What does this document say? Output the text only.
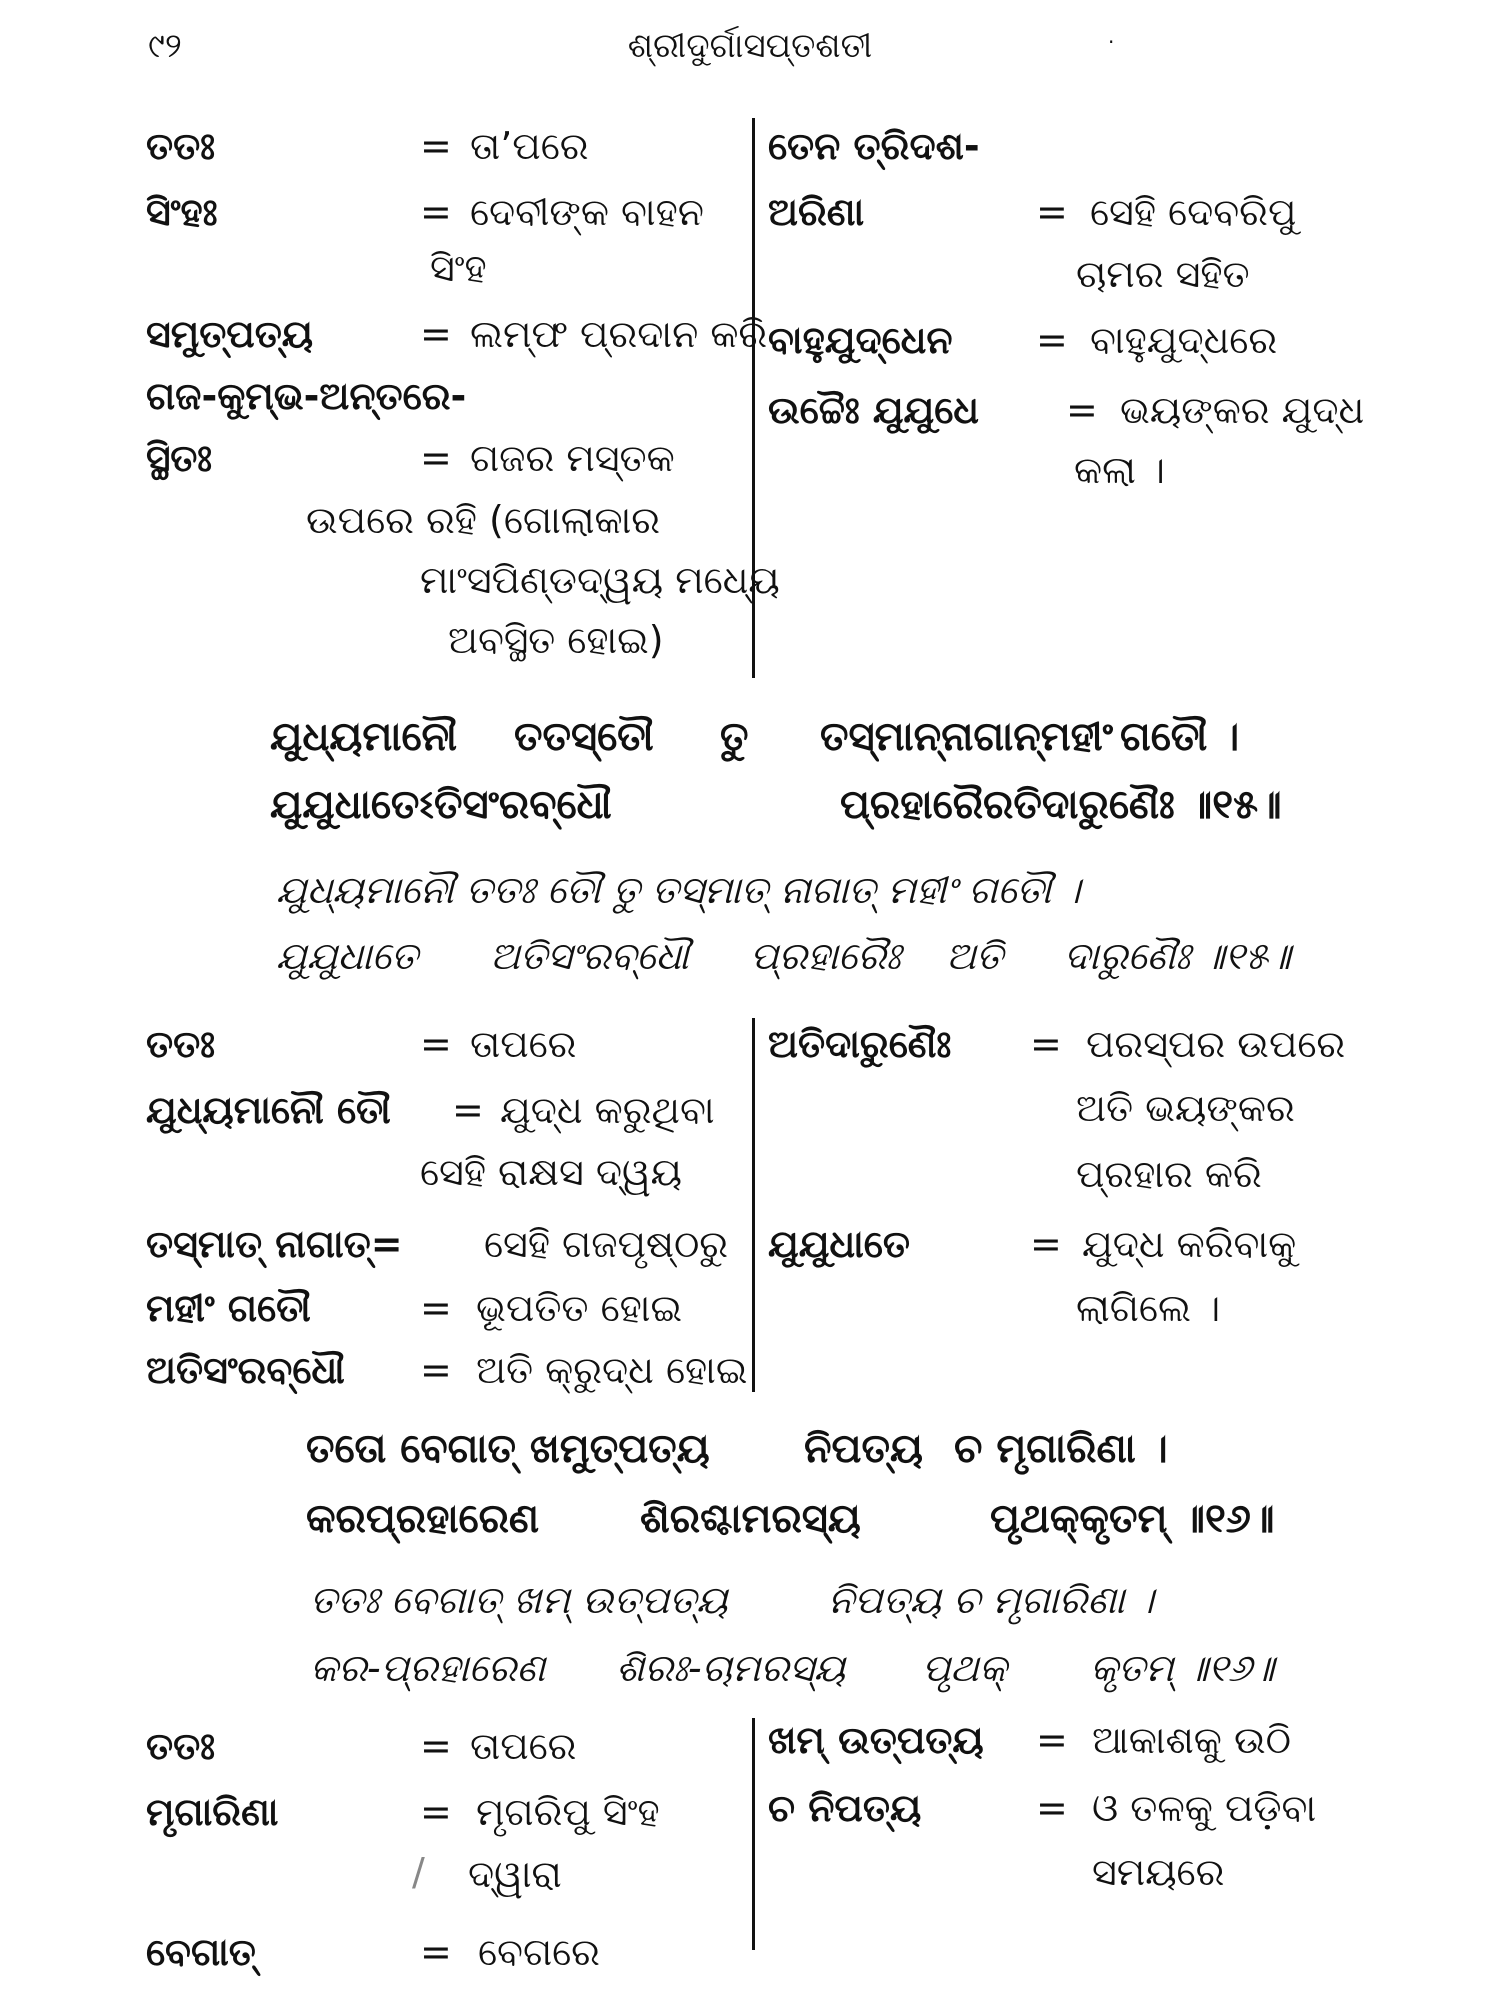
୯୨	ଶ୍ରୀଦୁର୍ଗାସପ୍ତଶତୀ	·
ତତଃ	= ତା’ପରେ
ସିଂହଃ	= ଦେବୀଙ୍କ ବାହନ
ସିଂହ
ସମୁତ୍ପତ୍ୟ	= ଲମ୍ଫ ପ୍ରଦାନ କରି
ଗଜ-କୁମ୍ଭ-ଅନ୍ତରେ-
ସ୍ଥିତଃ	= ଗଜର ମସ୍ତକ
ଉପରେ ରହି (ଗୋଲାକାର
ମାଂସପିଣ୍ଡଦ୍ୱୟ ମଧ୍ୟେ
ଅବସ୍ଥିତ ହୋଇ)
ତେନ ତ୍ରିଦଶ-
ଅରିଣା	= ସେହି ଦେବରିପୁ
ଚାମର ସହିତ
ବାହୁଯୁଦ୍ଧେନ = ବାହୁଯୁଦ୍ଧରେ
ଉଚ୍ଚୈଃ ଯୁଯୁଧେ = ଭୟଙ୍କର ଯୁଦ୍ଧ
କଲା ।
ଯୁଧ୍ୟମାନୌ ତତସ୍ତୌ ତୁ ତସ୍ମାନ୍ନାଗାନ୍ମହୀଂ ଗତୌ ।
ଯୁଯୁଧାତେଽତିସଂରବ୍ଧୌ	ପ୍ରହାରୈରତିଦାରୁଣୈଃ ॥୧୫॥
ଯୁଧ୍ୟମାନୌ ତତଃ ତୌ ତୁ ତସ୍ମାତ୍ ନାଗାତ୍ ମହୀଂ ଗତୌ ।
ଯୁଯୁଧାତେ ଅତିସଂରବ୍ଧୌ ପ୍ରହାରୈଃ ଅତି ଦାରୁଣୈଃ ॥୧୫॥
ତତଃ	= ତାପରେ
ଯୁଧ୍ୟମାନୌ ତୌ = ଯୁଦ୍ଧ କରୁଥିବା
ସେହି ରାକ୍ଷସ ଦ୍ୱୟ
ତସ୍ମାତ୍ ନାଗାତ୍= ସେହି ଗଜପୃଷ୍ଠରୁ
ମହୀଂ ଗତୌ	= ଭୂପତିତ ହୋଇ
ଅତିସଂରବ୍ଧୌ = ଅତି କ୍ରୁଦ୍ଧ ହୋଇ
ଅତିଦାରୁଣୈଃ = ପରସ୍ପର ଉପରେ
ଅତି ଭୟଙ୍କର
ପ୍ରହାର କରି
ଯୁଯୁଧାତେ	= ଯୁଦ୍ଧ କରିବାକୁ
ଲାଗିଲେ ।
ତତୋ ବେଗାତ୍ ଖମୁତ୍ପତ୍ୟ ନିପତ୍ୟ ଚ ମୃଗାରିଣା ।
କରପ୍ରହାରେଣ	ଶିରଶ୍ଚାମରସ୍ୟ	ପୃଥକ୍କୃତମ୍ ॥୧୬॥
ତତଃ ବେଗାତ୍ ଖମ୍ ଉତ୍ପତ୍ୟ	ନିପତ୍ୟ ଚ ମୃଗାରିଣା ।
କର-ପ୍ରହାରେଣ ଶିରଃ-ଚାମରସ୍ୟ ପୃଥକ୍ କୃତମ୍ ॥୧୬॥
ତତଃ	= ତାପରେ
ମୃଗାରିଣା	= ମୃଗରିପୁ ସିଂହ
/ ଦ୍ୱାରା
ବେଗାତ୍	= ବେଗରେ
ଖମ୍ ଉତ୍ପତ୍ୟ = ଆକାଶକୁ ଉଠି
ଚ ନିପତ୍ୟ	= ଓ ତଳକୁ ପଡ଼ିବା
ସମୟରେ
